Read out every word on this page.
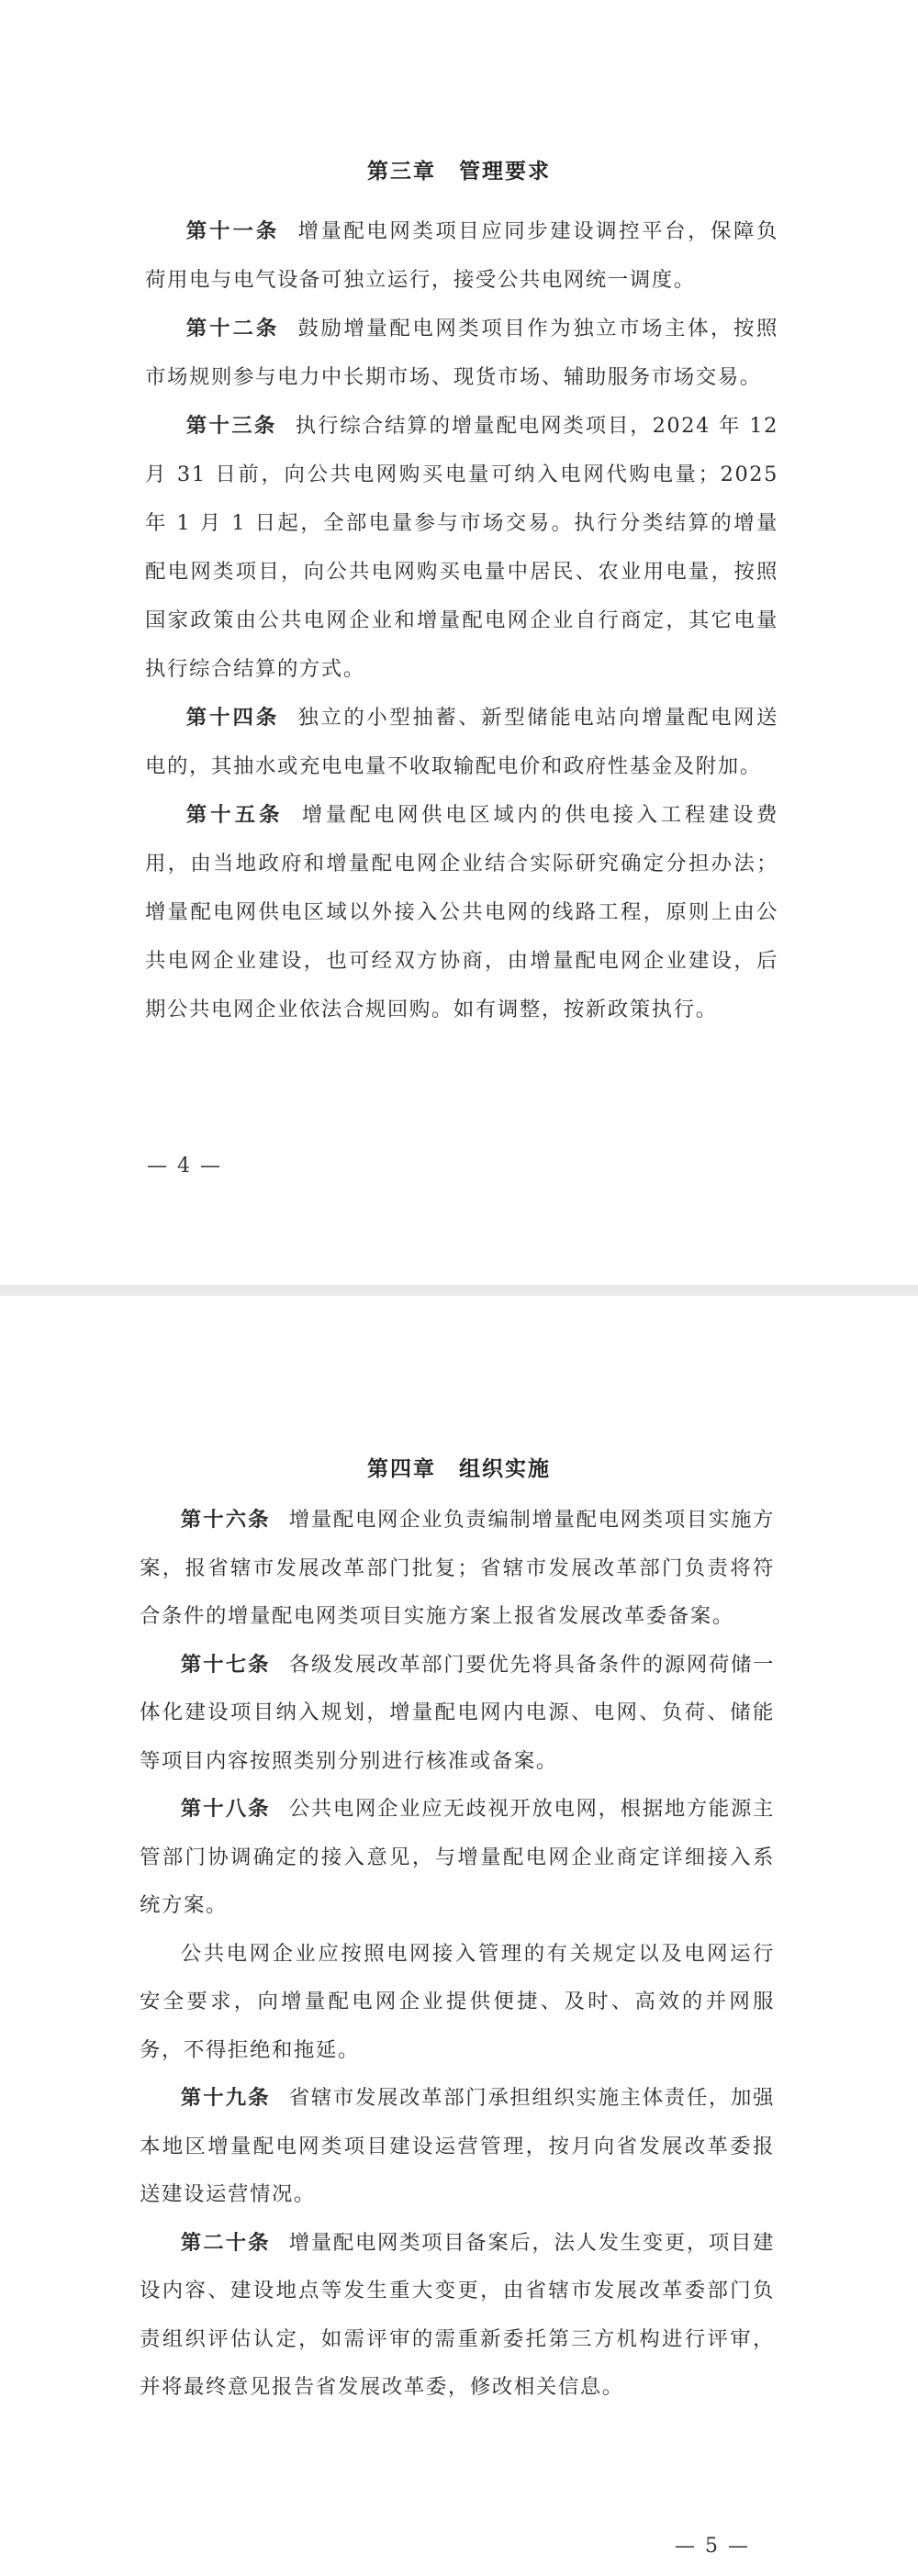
第三章　管理要求

第十一条 增量配电网类项目应同步建设调控平台，保障负荷用电与电气设备可独立运行，接受公共电网统一调度。

第十二条 鼓励增量配电网类项目作为独立市场主体，按照市场规则参与电力中长期市场、现货市场、辅助服务市场交易。

第十三条 执行综合结算的增量配电网类项目，2024 年 12 月 31 日前，向公共电网购买电量可纳入电网代购电量；2025 年 1 月 1 日起，全部电量参与市场交易。执行分类结算的增量配电网类项目，向公共电网购买电量中居民、农业用电量，按照国家政策由公共电网企业和增量配电网企业自行商定，其它电量执行综合结算的方式。

第十四条 独立的小型抽蓄、新型储能电站向增量配电网送电的，其抽水或充电电量不收取输配电价和政府性基金及附加。

第十五条 增量配电网供电区域内的供电接入工程建设费用，由当地政府和增量配电网企业结合实际研究确定分担办法；增量配电网供电区域以外接入公共电网的线路工程，原则上由公共电网企业建设，也可经双方协商，由增量配电网企业建设，后期公共电网企业依法合规回购。如有调整，按新政策执行。

— 4 —
第四章　组织实施

第十六条 增量配电网企业负责编制增量配电网类项目实施方案，报省辖市发展改革部门批复；省辖市发展改革部门负责将符合条件的增量配电网类项目实施方案上报省发展改革委备案。

第十七条 各级发展改革部门要优先将具备条件的源网荷储一体化建设项目纳入规划，增量配电网内电源、电网、负荷、储能等项目内容按照类别分别进行核准或备案。

第十八条 公共电网企业应无歧视开放电网，根据地方能源主管部门协调确定的接入意见，与增量配电网企业商定详细接入系统方案。

公共电网企业应按照电网接入管理的有关规定以及电网运行安全要求，向增量配电网企业提供便捷、及时、高效的并网服务，不得拒绝和拖延。

第十九条 省辖市发展改革部门承担组织实施主体责任，加强本地区增量配电网类项目建设运营管理，按月向省发展改革委报送建设运营情况。

第二十条 增量配电网类项目备案后，法人发生变更，项目建设内容、建设地点等发生重大变更，由省辖市发展改革委部门负责组织评估认定，如需评审的需重新委托第三方机构进行评审，并将最终意见报告省发展改革委，修改相关信息。

— 5 —
